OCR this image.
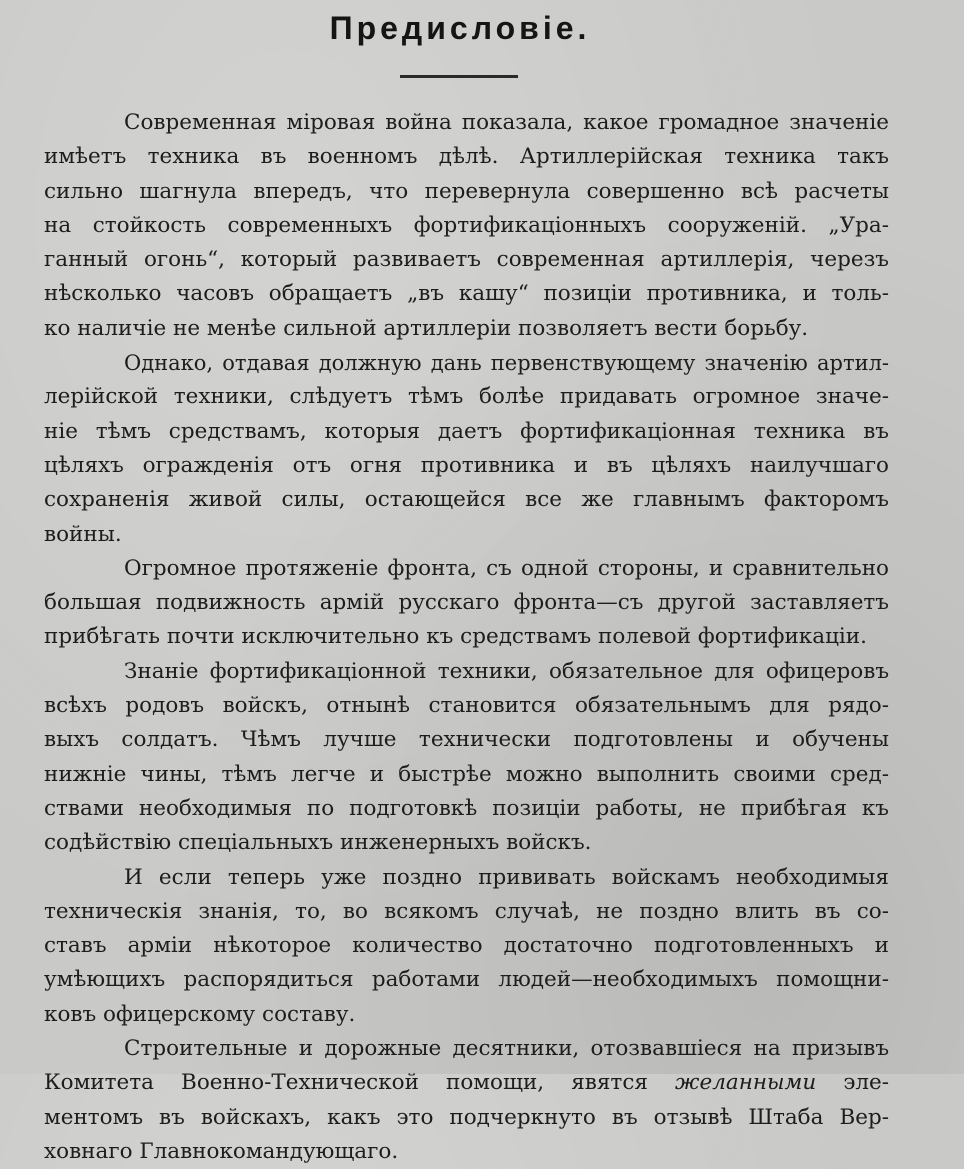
Предисловіе.
Современная міровая война показала, какое громадное значеніе
имѣетъ техника въ военномъ дѣлѣ. Артиллерійская техника такъ
сильно шагнула впередъ, что перевернула совершенно всѣ расчеты
на стойкость современныхъ фортификаціонныхъ сооруженій. „Ура-
ганный огонь“, который развиваетъ современная артиллерія, черезъ
нѣсколько часовъ обращаетъ „въ кашу“ позиціи противника, и толь-
ко наличіе не менѣе сильной артиллеріи позволяетъ вести борьбу.
Однако, отдавая должную дань первенствующему значенію артил-
лерійской техники, слѣдуетъ тѣмъ болѣе придавать огромное значе-
ніе тѣмъ средствамъ, которыя даетъ фортификаціонная техника въ
цѣляхъ огражденія отъ огня противника и въ цѣляхъ наилучшаго
сохраненія живой силы, остающейся все же главнымъ факторомъ
войны.
Огромное протяженіе фронта, съ одной стороны, и сравнительно
большая подвижность армій русскаго фронта—съ другой заставляетъ
прибѣгать почти исключительно къ средствамъ полевой фортификаціи.
Знаніе фортификаціонной техники, обязательное для офицеровъ
всѣхъ родовъ войскъ, отнынѣ становится обязательнымъ для рядо-
выхъ солдатъ. Чѣмъ лучше технически подготовлены и обучены
нижніе чины, тѣмъ легче и быстрѣе можно выполнить своими сред-
ствами необходимыя по подготовкѣ позиціи работы, не прибѣгая къ
содѣйствію спеціальныхъ инженерныхъ войскъ.
И если теперь уже поздно прививать войскамъ необходимыя
техническія знанія, то, во всякомъ случаѣ, не поздно влить въ со-
ставъ арміи нѣкоторое количество достаточно подготовленныхъ и
умѣющихъ распорядиться работами людей—необходимыхъ помощни-
ковъ офицерскому составу.
Строительные и дорожные десятники, отозвавшіеся на призывъ
Комитета Военно-Технической помощи, явятся желанными эле-
ментомъ въ войскахъ, какъ это подчеркнуто въ отзывѣ Штаба Вер-
ховнаго Главнокомандующаго.
